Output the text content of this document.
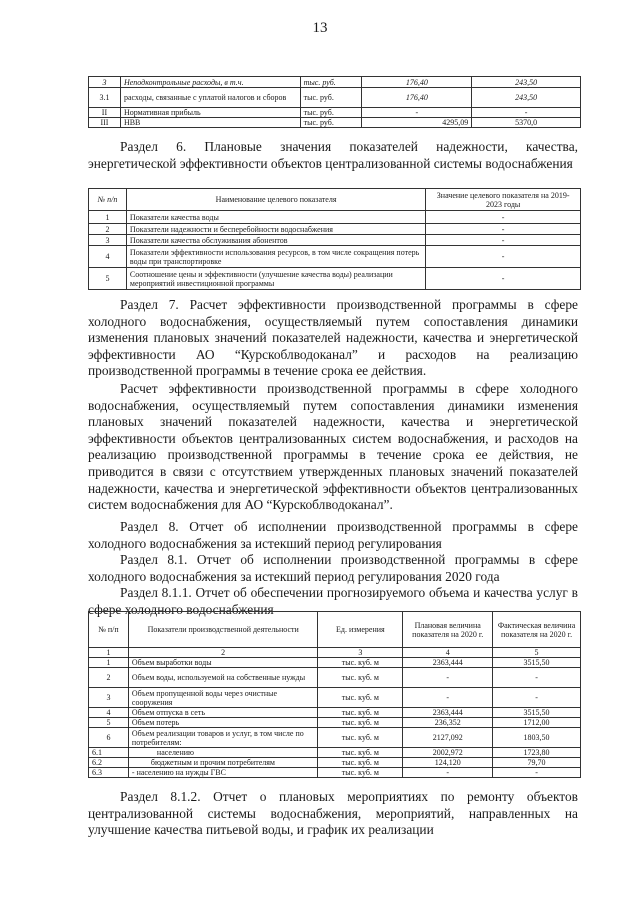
13
3	Неподконтрольные расходы, в т.ч.	тыс. руб.	176,40	243,50
3.1	расходы, связанные с уплатой налогов и сборов	тыс. руб.	176,40	243,50
II	Нормативная прибыль	тыс. руб.	-	-
III	НВВ	тыс. руб.	4295,09	5370,0

Раздел 6. Плановые значения показателей надежности, качества, энергетической эффективности объектов централизованной системы водоснабжения

№ п/п	Наименование целевого показателя	Значение целевого показателя на 2019-2023 годы
1	Показатели качества воды	-
2	Показатели надежности и бесперебойности водоснабжения	-
3	Показатели качества обслуживания абонентов	-
4	Показатели эффективности использования ресурсов, в том числе сокращения потерь воды при транспортировке	-
5	Соотношение цены и эффективности (улучшение качества воды) реализации мероприятий инвестиционной программы	-

Раздел 7. Расчет эффективности производственной программы в сфере холодного водоснабжения, осуществляемый путем сопоставления динамики изменения плановых значений показателей надежности, качества и энергетической эффективности АО “Курскоблводоканал” и расходов на реализацию производственной программы в течение срока ее действия.

Расчет эффективности производственной программы в сфере холодного водоснабжения, осуществляемый путем сопоставления динамики изменения плановых значений показателей надежности, качества и энергетической эффективности объектов централизованных систем водоснабжения, и расходов на реализацию производственной программы в течение срока ее действия, не приводится в связи с отсутствием утвержденных плановых значений показателей надежности, качества и энергетической эффективности объектов централизованных систем водоснабжения для АО “Курскоблводоканал”.

Раздел 8. Отчет об исполнении производственной программы в сфере холодного водоснабжения за истекший период регулирования

Раздел 8.1. Отчет об исполнении производственной программы в сфере холодного водоснабжения за истекший период регулирования 2020 года

Раздел 8.1.1. Отчет об обеспечении прогнозируемого объема и качества услуг в сфере холодного водоснабжения

№ п/п	Показатели производственной деятельности	Ед. измерения	Плановая величина показателя на 2020 г.	Фактическая величина показателя на 2020 г.
1	2	3	4	5
1	Объем выработки воды	тыс. куб. м	2363,444	3515,50
2	Объем воды, используемой на собственные нужды	тыс. куб. м	-	-
3	Объем пропущенной воды через очистные сооружения	тыс. куб. м	-	-
4	Объем отпуска в сеть	тыс. куб. м	2363,444	3515,50
5	Объем потерь	тыс. куб. м	236,352	1712,00
6	Объем реализации товаров и услуг, в том числе по потребителям:	тыс. куб. м	2127,092	1803,50
6.1	населению	тыс. куб. м	2002,972	1723,80
6.2	бюджетным и прочим потребителям	тыс. куб. м	124,120	79,70
6.3	- населению на нужды ГВС	тыс. куб. м	-	-

Раздел 8.1.2. Отчет о плановых мероприятиях по ремонту объектов централизованной системы водоснабжения, мероприятий, направленных на улучшение качества питьевой воды, и график их реализации
